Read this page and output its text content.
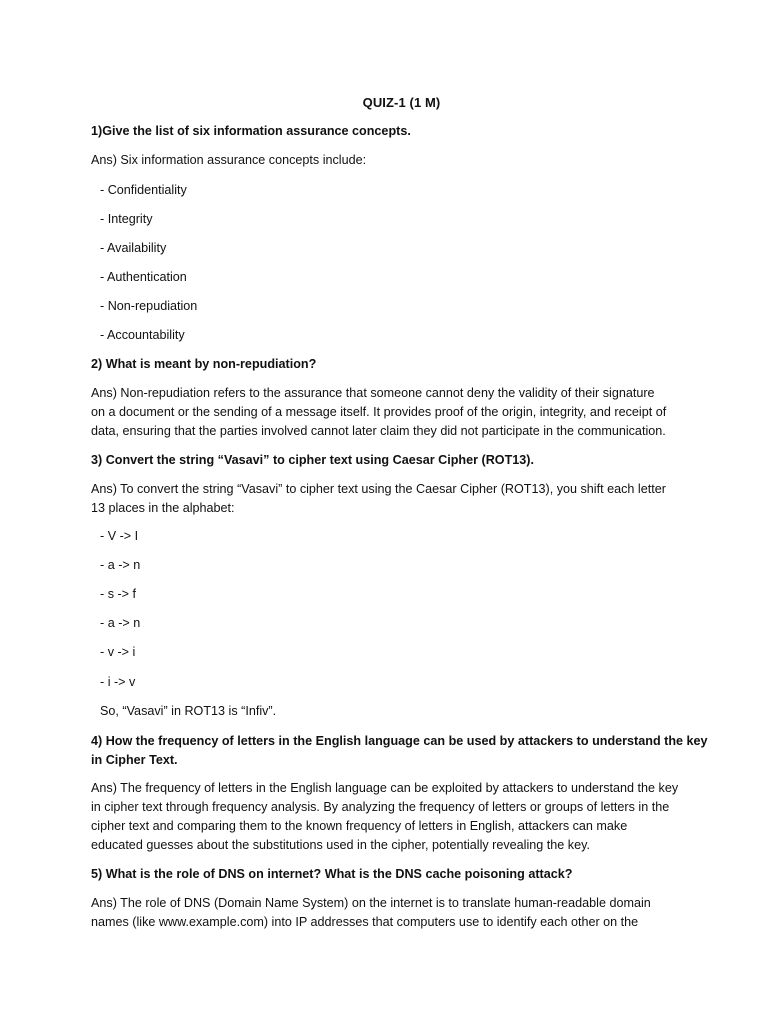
QUIZ-1 (1 M)
1)Give the list of six information assurance concepts.
Ans) Six information assurance concepts include:
- Confidentiality
- Integrity
- Availability
- Authentication
- Non-repudiation
- Accountability
2) What is meant by non-repudiation?
Ans) Non-repudiation refers to the assurance that someone cannot deny the validity of their signature
on a document or the sending of a message itself. It provides proof of the origin, integrity, and receipt of
data, ensuring that the parties involved cannot later claim they did not participate in the communication.
3) Convert the string “Vasavi” to cipher text using Caesar Cipher (ROT13).
Ans) To convert the string “Vasavi” to cipher text using the Caesar Cipher (ROT13), you shift each letter
13 places in the alphabet:
- V -> I
- a -> n
- s -> f
- a -> n
- v -> i
- i -> v
So, “Vasavi” in ROT13 is “Infiv”.
4) How the frequency of letters in the English language can be used by attackers to understand the key
in Cipher Text.
Ans) The frequency of letters in the English language can be exploited by attackers to understand the key
in cipher text through frequency analysis. By analyzing the frequency of letters or groups of letters in the
cipher text and comparing them to the known frequency of letters in English, attackers can make
educated guesses about the substitutions used in the cipher, potentially revealing the key.
5) What is the role of DNS on internet? What is the DNS cache poisoning attack?
Ans) The role of DNS (Domain Name System) on the internet is to translate human-readable domain
names (like www.example.com) into IP addresses that computers use to identify each other on the
